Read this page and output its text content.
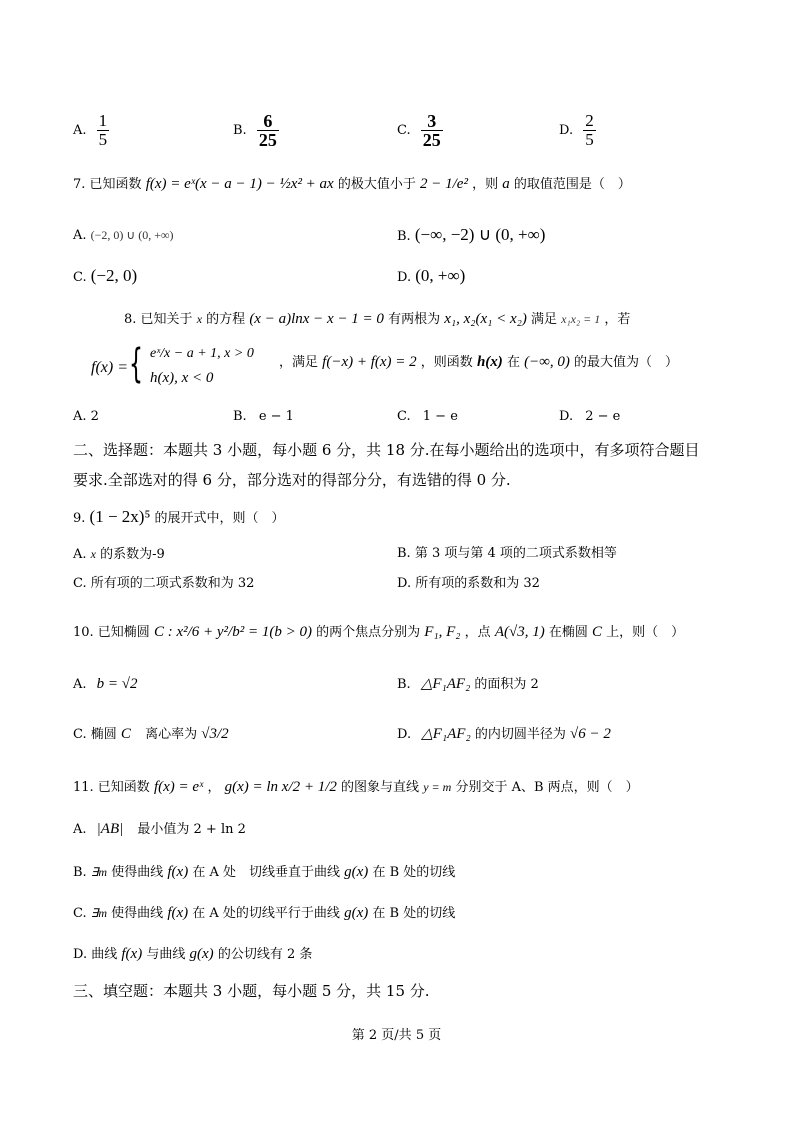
A. $\frac{1}{5}$	B. $\frac{6}{25}$	C. $\frac{3}{25}$	D. $\frac{2}{5}$
7. 已知函数 f(x) = eˣ(x − a − 1) − ½x² + ax 的极大值小于 2 − 1/e² ，则 a 的取值范围是（　）
A. (−2, 0) ∪ (0, +∞)	B. (−∞, −2) ∪ (0, +∞)
C. (−2, 0)	D. (0, +∞)
8. 已知关于 x 的方程 (x − a)lnx − x − 1 = 0 有两根为 x₁, x₂(x₁ < x₂) 满足 x₁x₂ = 1 ，若
f(x) =
eˣ/x − a + 1, x > 0
h(x), x < 0
，满足 f(−x) + f(x) = 2 ，则函数 h(x) 在 (−∞, 0) 的最大值为（　）
{
A. 2	B. e − 1	C. 1 − e	D. 2 − e
二、选择题：本题共 3 小题，每小题 6 分，共 18 分.在每小题给出的选项中，有多项符合题目
要求.全部选对的得 6 分，部分选对的得部分分，有选错的得 0 分.
9. (1 − 2x)⁵ 的展开式中，则（　）
A. x 的系数为-9	B. 第 3 项与第 4 项的二项式系数相等
C. 所有项的二项式系数和为 32	D. 所有项的系数和为 32
10. 已知椭圆 C : x²/6 + y²/b² = 1(b > 0) 的两个焦点分别为 F₁, F₂ ，点 A(√3, 1) 在椭圆 C 上，则（　）
A. b = √2	B. △F₁AF₂ 的面积为 2
C. 椭圆 C 离心率为 √3/2	D. △F₁AF₂ 的内切圆半径为 √6 − 2
11. 已知函数 f(x) = eˣ ， g(x) = ln x/2 + 1/2 的图象与直线 y = m 分别交于 A、B 两点，则（　）
A. |AB| 最小值为 2 + ln 2
B. ∃m 使得曲线 f(x) 在 A 处　切线垂直于曲线 g(x) 在 B 处的切线
C. ∃m 使得曲线 f(x) 在 A 处的切线平行于曲线 g(x) 在 B 处的切线
D. 曲线 f(x) 与曲线 g(x) 的公切线有 2 条
三、填空题：本题共 3 小题，每小题 5 分，共 15 分.
第 2 页/共 5 页
